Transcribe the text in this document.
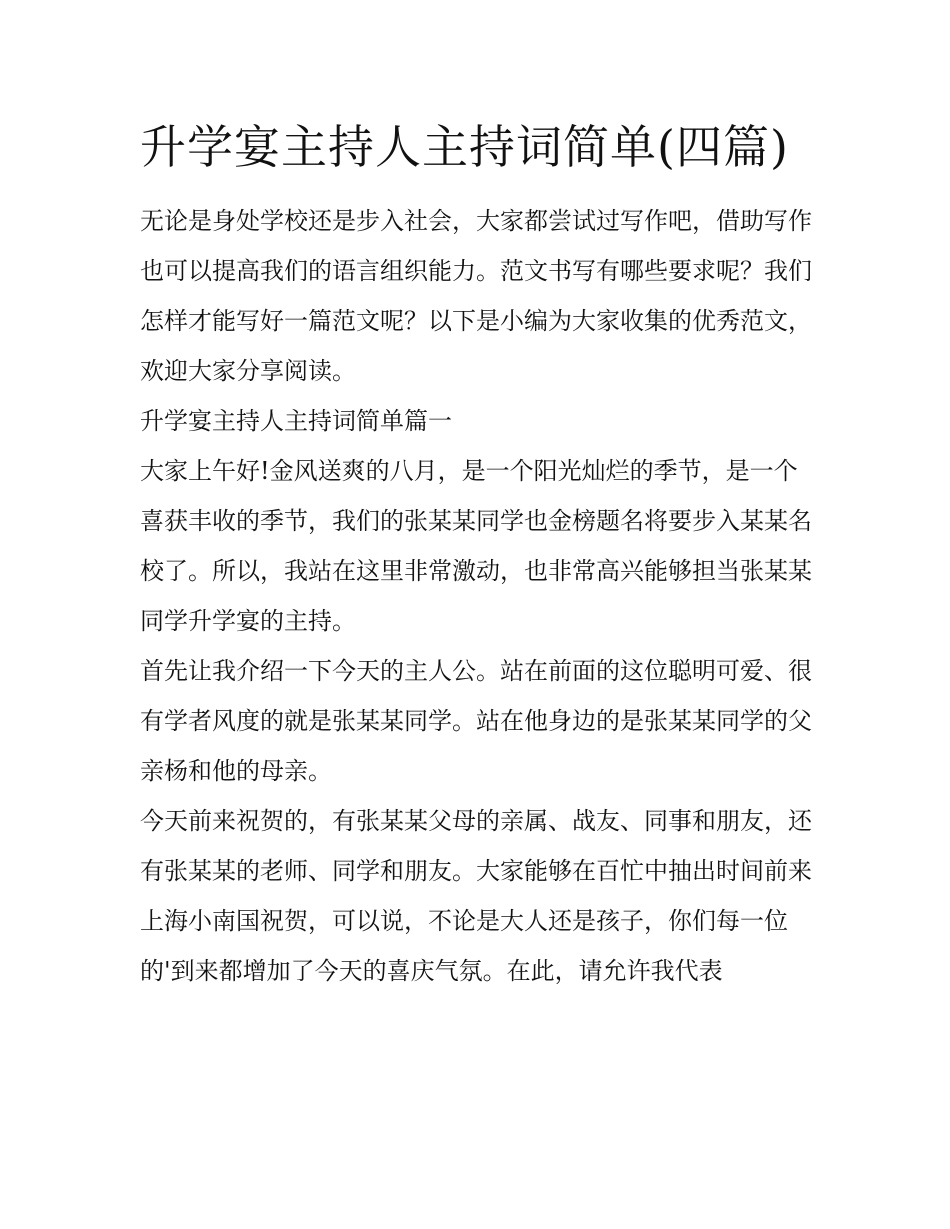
升学宴主持人主持词简单(四篇)

无论是身处学校还是步入社会，大家都尝试过写作吧，借助写作也可以提高我们的语言组织能力。范文书写有哪些要求呢？我们怎样才能写好一篇范文呢？以下是小编为大家收集的优秀范文，欢迎大家分享阅读。

升学宴主持人主持词简单篇一

大家上午好!金风送爽的八月，是一个阳光灿烂的季节，是一个喜获丰收的季节，我们的张某某同学也金榜题名将要步入某某名校了。所以，我站在这里非常激动，也非常高兴能够担当张某某同学升学宴的主持。

首先让我介绍一下今天的主人公。站在前面的这位聪明可爱、很有学者风度的就是张某某同学。站在他身边的是张某某同学的父亲杨和他的母亲。

今天前来祝贺的，有张某某父母的亲属、战友、同事和朋友，还有张某某的老师、同学和朋友。大家能够在百忙中抽出时间前来上海小南国祝贺，可以说，不论是大人还是孩子，你们每一位的'到来都增加了今天的喜庆气氛。在此，请允许我代表
